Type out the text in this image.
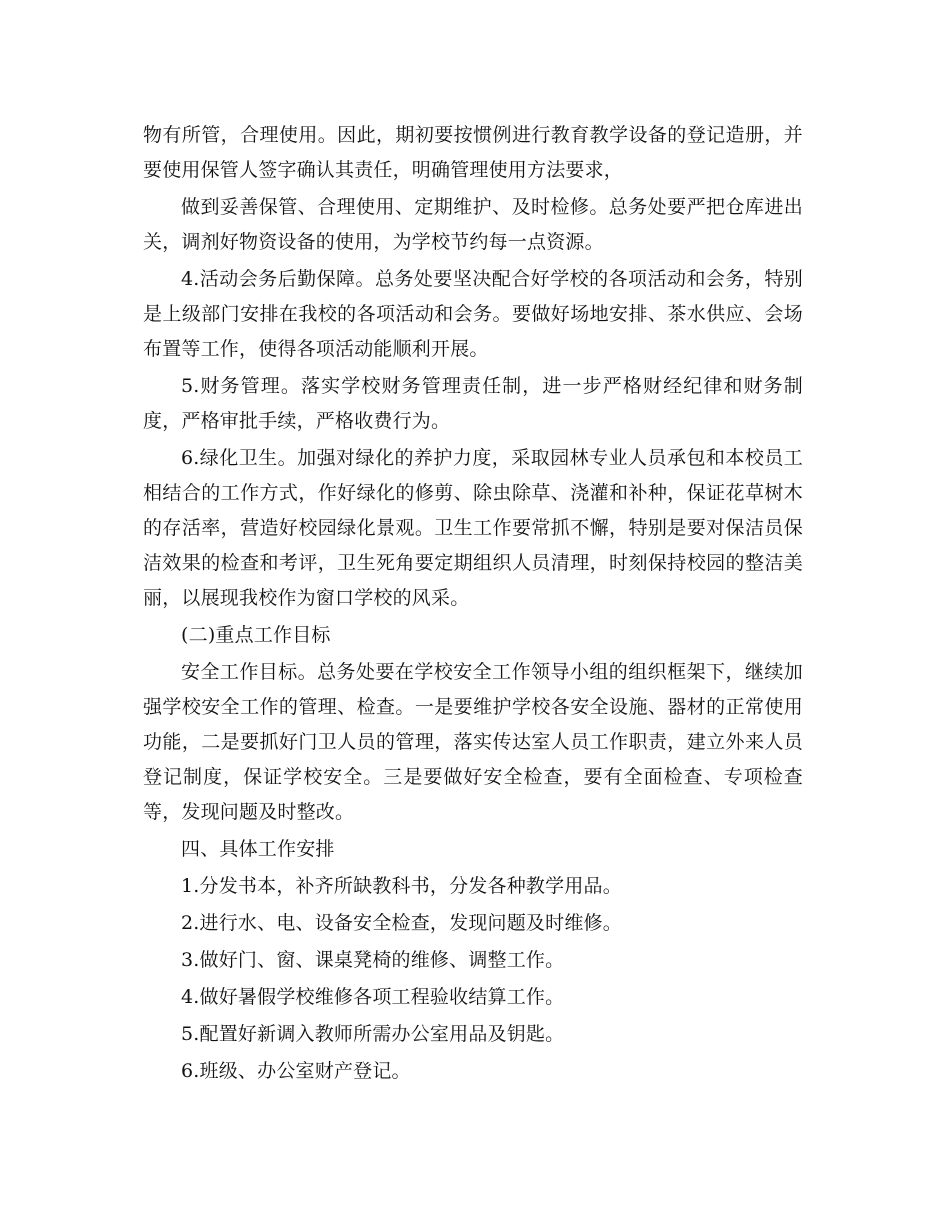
物有所管，合理使用。因此，期初要按惯例进行教育教学设备的登记造册，并要使用保管人签字确认其责任，明确管理使用方法要求，

做到妥善保管、合理使用、定期维护、及时检修。总务处要严把仓库进出关，调剂好物资设备的使用，为学校节约每一点资源。

4.活动会务后勤保障。总务处要坚决配合好学校的各项活动和会务，特别是上级部门安排在我校的各项活动和会务。要做好场地安排、茶水供应、会场布置等工作，使得各项活动能顺利开展。

5.财务管理。落实学校财务管理责任制，进一步严格财经纪律和财务制度，严格审批手续，严格收费行为。

6.绿化卫生。加强对绿化的养护力度，采取园林专业人员承包和本校员工相结合的工作方式，作好绿化的修剪、除虫除草、浇灌和补种，保证花草树木的存活率，营造好校园绿化景观。卫生工作要常抓不懈，特别是要对保洁员保洁效果的检查和考评，卫生死角要定期组织人员清理，时刻保持校园的整洁美丽，以展现我校作为窗口学校的风采。

(二)重点工作目标

安全工作目标。总务处要在学校安全工作领导小组的组织框架下，继续加强学校安全工作的管理、检查。一是要维护学校各安全设施、器材的正常使用功能，二是要抓好门卫人员的管理，落实传达室人员工作职责，建立外来人员登记制度，保证学校安全。三是要做好安全检查，要有全面检查、专项检查等，发现问题及时整改。

四、具体工作安排

1.分发书本，补齐所缺教科书，分发各种教学用品。

2.进行水、电、设备安全检查，发现问题及时维修。

3.做好门、窗、课桌凳椅的维修、调整工作。

4.做好暑假学校维修各项工程验收结算工作。

5.配置好新调入教师所需办公室用品及钥匙。

6.班级、办公室财产登记。
